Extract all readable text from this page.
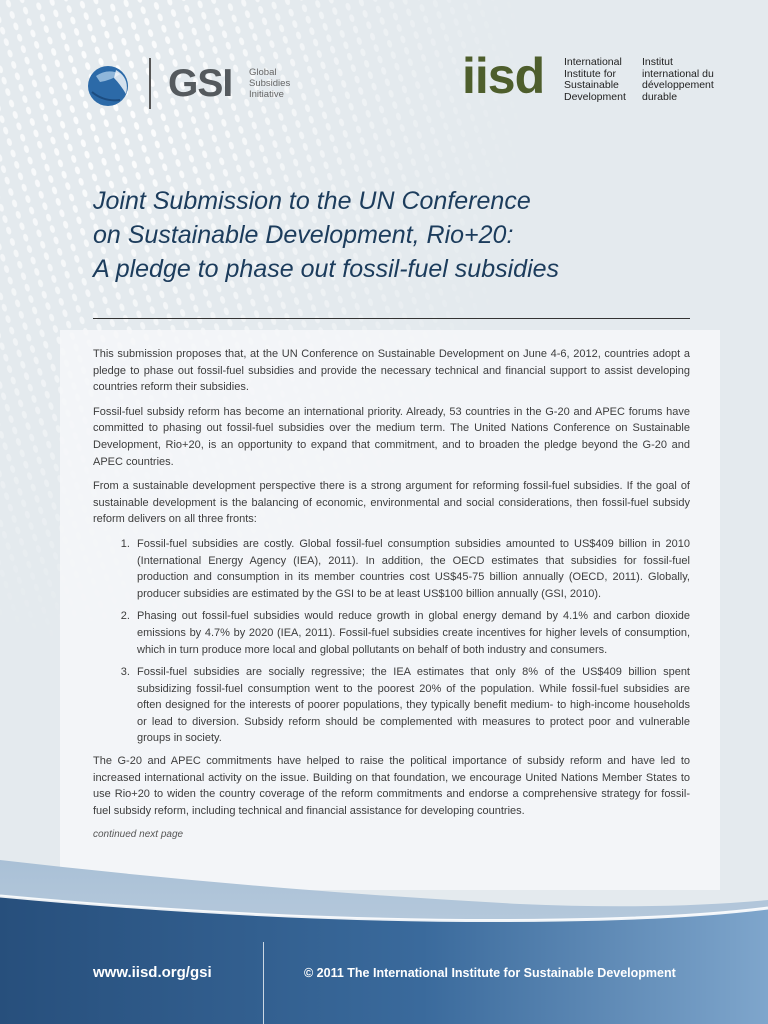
GSI Global
Subsidies
Initiative	iisd International
Institute for
Sustainable
Development
Institut
international du
développement
durable
Joint Submission to the UN Conference
on Sustainable Development, Rio+20:
A pledge to phase out fossil-fuel subsidies

This submission proposes that, at the UN Conference on Sustainable Development on June 4-6, 2012, countries adopt a pledge to phase out fossil-fuel subsidies and provide the necessary technical and financial support to assist developing countries reform their subsidies.

Fossil-fuel subsidy reform has become an international priority. Already, 53 countries in the G-20 and APEC forums have committed to phasing out fossil-fuel subsidies over the medium term. The United Nations Conference on Sustainable Development, Rio+20, is an opportunity to expand that commitment, and to broaden the pledge beyond the G-20 and APEC countries.

From a sustainable development perspective there is a strong argument for reforming fossil-fuel subsidies. If the goal of sustainable development is the balancing of economic, environmental and social considerations, then fossil-fuel subsidy reform delivers on all three fronts:

1. Fossil-fuel subsidies are costly. Global fossil-fuel consumption subsidies amounted to US$409 billion in 2010 (International Energy Agency (IEA), 2011). In addition, the OECD estimates that subsidies for fossil-fuel production and consumption in its member countries cost US$45-75 billion annually (OECD, 2011). Globally, producer subsidies are estimated by the GSI to be at least US$100 billion annually (GSI, 2010).
2. Phasing out fossil-fuel subsidies would reduce growth in global energy demand by 4.1% and carbon dioxide emissions by 4.7% by 2020 (IEA, 2011). Fossil-fuel subsidies create incentives for higher levels of consumption, which in turn produce more local and global pollutants on behalf of both industry and consumers.
3. Fossil-fuel subsidies are socially regressive; the IEA estimates that only 8% of the US$409 billion spent subsidizing fossil-fuel consumption went to the poorest 20% of the population. While fossil-fuel subsidies are often designed for the interests of poorer populations, they typically benefit medium- to high-income households or lead to diversion. Subsidy reform should be complemented with measures to protect poor and vulnerable groups in society.

The G-20 and APEC commitments have helped to raise the political importance of subsidy reform and have led to increased international activity on the issue. Building on that foundation, we encourage United Nations Member States to use Rio+20 to widen the country coverage of the reform commitments and endorse a comprehensive strategy for fossil-fuel subsidy reform, including technical and financial assistance for developing countries.

continued next page
www.iisd.org/gsi	© 2011 The International Institute for Sustainable Development
